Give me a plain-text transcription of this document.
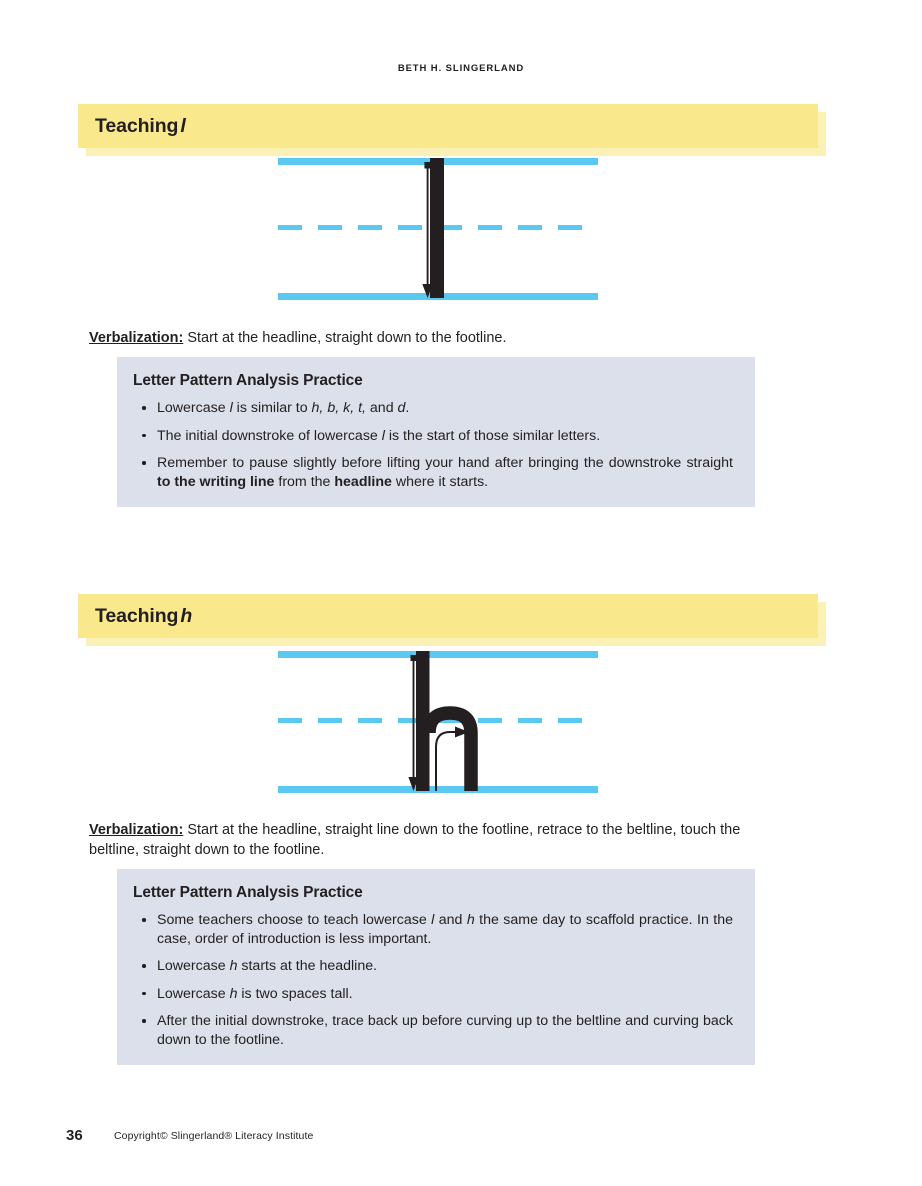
BETH H. SLINGERLAND
Teaching l
Verbalization: Start at the headline, straight down to the footline.
Letter Pattern Analysis Practice
Lowercase l is similar to h, b, k, t, and d.
The initial downstroke of lowercase l is the start of those similar letters.
Remember to pause slightly before lifting your hand after bringing the downstroke straight to the writing line from the headline where it starts.
Teaching h
Verbalization: Start at the headline, straight line down to the footline, retrace to the beltline, touch the beltline, straight down to the footline.
Letter Pattern Analysis Practice
Some teachers choose to teach lowercase l and h the same day to scaffold practice. In the case, order of introduction is less important.
Lowercase h starts at the headline.
Lowercase h is two spaces tall.
After the initial downstroke, trace back up before curving up to the beltline and curving back down to the footline.
36	Copyright© Slingerland® Literacy Institute
